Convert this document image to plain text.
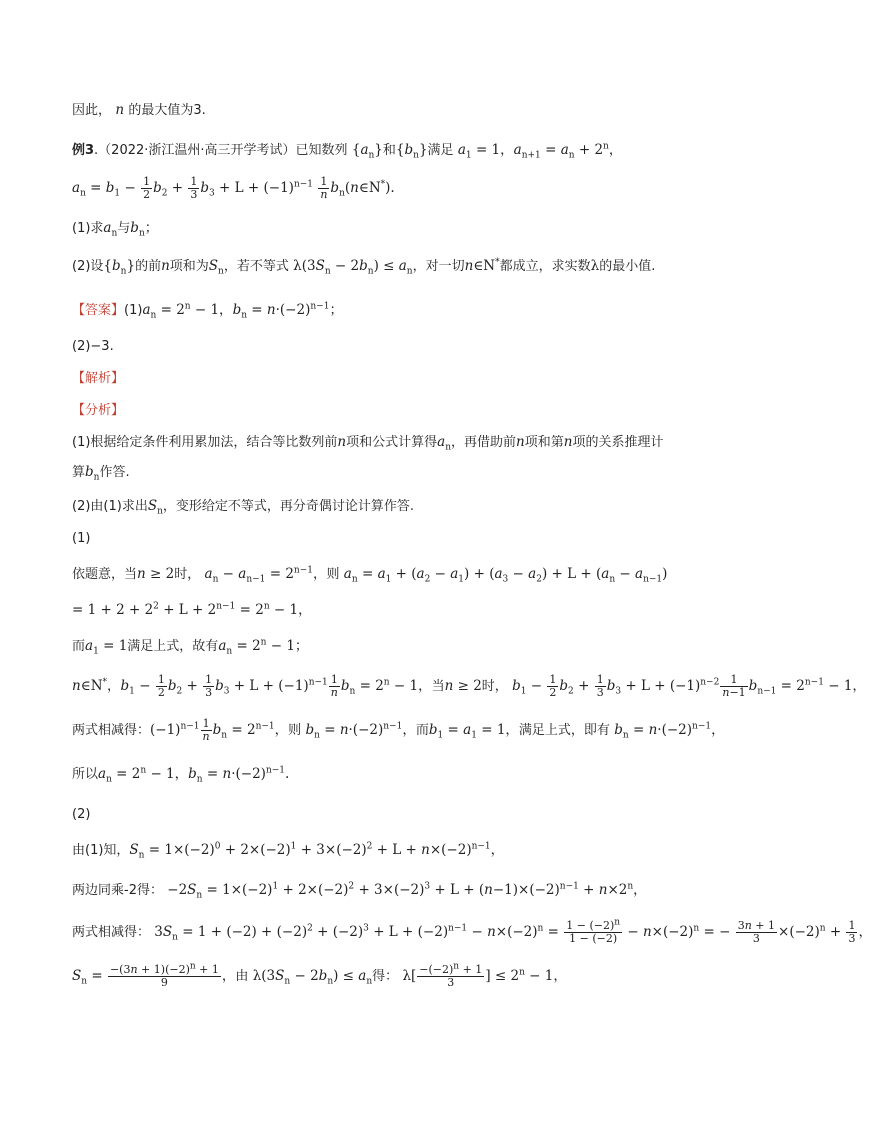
因此， n 的最大值为3.
例3.（2022·浙江温州·高三开学考试）已知数列 $\{a_n\}$和$\{b_n\}$满足 $a_1 = 1$，$a_{n+1} = a_n + 2^n$，
$a_n = b_1 - \frac{1}{2} b_2 + \frac{1}{3} b_3 + L + (-1)^{n-1} \frac{1}{n}$ $b_n(n\in N^*)$.
(1)求$a_n$与$b_n$；
(2)设$\{b_n\}$的前n项和为$S_n$，若不等式 $\lambda(3S_n - 2b_n) \le a_n$，对一切n∈N*都成立，求实数λ的最小值.
【答案】$(1)a_n = 2^n - 1$，$b_n = n\cdot(-2)^{n-1}$；
(2)−3.
【解析】
【分析】
(1)根据给定条件利用累加法，结合等比数列前n项和公式计算得$a_n$，再借助前n项和第n项的关系推理计
算$b_n$作答.
(2)由(1)求出$S_n$，变形给定不等式，再分奇偶讨论计算作答.
(1)
依题意，当n ≥ 2时， $a_n - a_{n-1} = 2^{n-1}$，则 $a_n = a_1 + (a_2 - a_1) + (a_3 - a_2) + L + (a_n - a_{n-1})$
= $1 + 2 + 2^2 + L + 2^{n-1} = 2^n - 1$，
而$a_1 = 1$满足上式，故有$a_n = 2^n - 1$；
n∈N*，$b_1 - \frac{1}{2} b_2 + \frac{1}{3} b_3 + L + (-1)^{n-1} \frac{1}{n} b_n = 2^n - 1$，当n ≥ 2时， $b_1 - \frac{1}{2} b_2 + \frac{1}{3} b_3 + L + (-1)^{n-2} \frac{1}{n-1} b_{n-1} = 2^{n-1} - 1$，
两式相减得：$(-1)^{n-1} \frac{1}{n} b_n = 2^{n-1}$，则 $b_n = n\cdot(-2)^{n-1}$，而$b_1 = a_1 = 1$，满足上式，即有 $b_n = n\cdot(-2)^{n-1}$，
所以$a_n = 2^n - 1$，$b_n = n\cdot(-2)^{n-1}$.
(2)
由(1)知，$S_n = 1\times(-2)^0 + 2\times(-2)^1 + 3\times(-2)^2 + L + n\times(-2)^{n-1}$，
两边同乘-2得： $-2S_n = 1\times(-2)^1 + 2\times(-2)^2 + 3\times(-2)^3 + L + (n-1)\times(-2)^{n-1} + n\times 2^n$，
两式相减得： $3S_n = 1 + (-2) + (-2)^2 + (-2)^3 + L + (-2)^{n-1} - n\times(-2)^n = \frac{1 - (-2)^n}{1 - (-2)} - n\times(-2)^n$ = − $\frac{3n + 1}{3} \times(-2)^n + \frac{1}{3}$ ，
$S_n = \frac{-(3n + 1)(-2)^n + 1}{9}$ ，由 $\lambda(3S_n - 2b_n) \le a_n$得： $\lambda[ \frac{-(-2)^n + 1}{3}$ ] ≤ $2^n - 1$，
